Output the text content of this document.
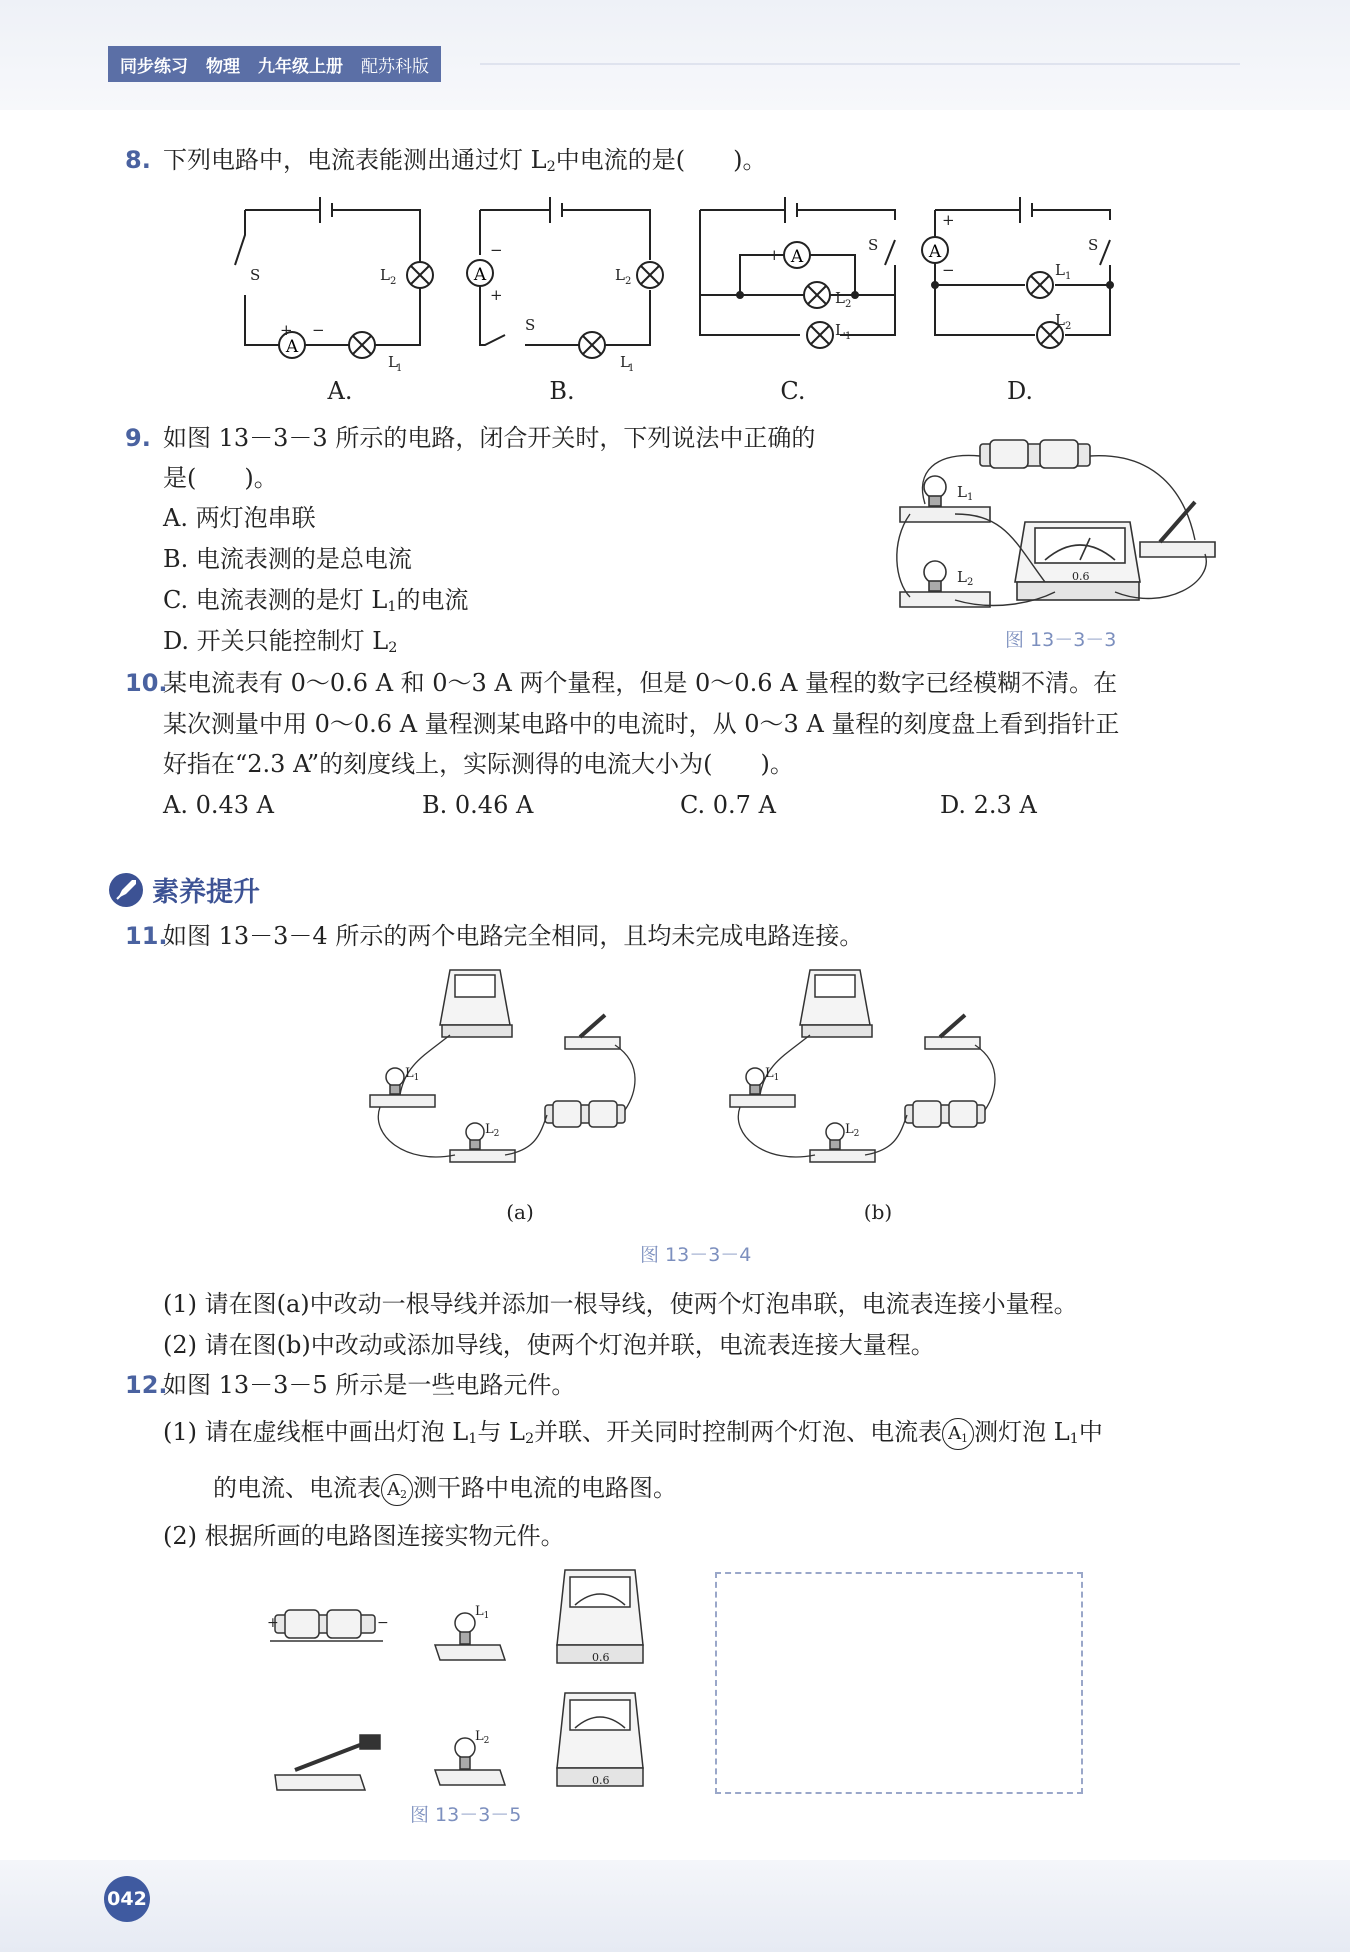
同步练习 物理 九年级上册 配苏科版
8. 下列电路中，电流表能测出通过灯 $L_2$中电流的是(　　)。
A
S	L
+ −
L
−
+
S
L
L
+ −
S
L
L
+
−
S
L
L
2
1
2
1
2
1
1
2
A.	B.	C.	D.
9. 如图 13－3－3 所示的电路，闭合开关时，下列说法中正确的
是(　　)。
A. 两灯泡串联
B. 电流表测的是总电流
C. 电流表测的是灯 $L_1$的电流
D. 开关只能控制灯 $L_2$
$L_1$
$L_2$	0.6
图 13－3－3
10.某电流表有 0～0.6 A 和 0～3 A 两个量程，但是 0～0.6 A 量程的数字已经模糊不清。在
某次测量中用 0～0.6 A 量程测某电路中的电流时，从 0～3 A 量程的刻度盘上看到指针正
好指在“2.3 A”的刻度线上，实际测得的电流大小为(　　)。
A. 0.43 A	B. 0.46 A	C. 0.7 A	D. 2.3 A
素养提升
11.如图 13－3－4 所示的两个电路完全相同，且均未完成电路连接。
(a)	(b)
图 13－3－4
(1) 请在图(a)中改动一根导线并添加一根导线，使两个灯泡串联，电流表连接小量程。
(2) 请在图(b)中改动或添加导线，使两个灯泡并联，电流表连接大量程。
12.如图 13－3－5 所示是一些电路元件。
(1) 请在虚线框中画出灯泡 $L_1$与 $L_2$并联、开关同时控制两个灯泡、电流表 $A_1$ 测灯泡 $L_1$中
的电流、电流表 $A_2$ 测干路中电流的电路图。
(2) 根据所画的电路图连接实物元件。
+	−
$L_1$
$L_2$
0.6
0.6
图 13－3－5
042
